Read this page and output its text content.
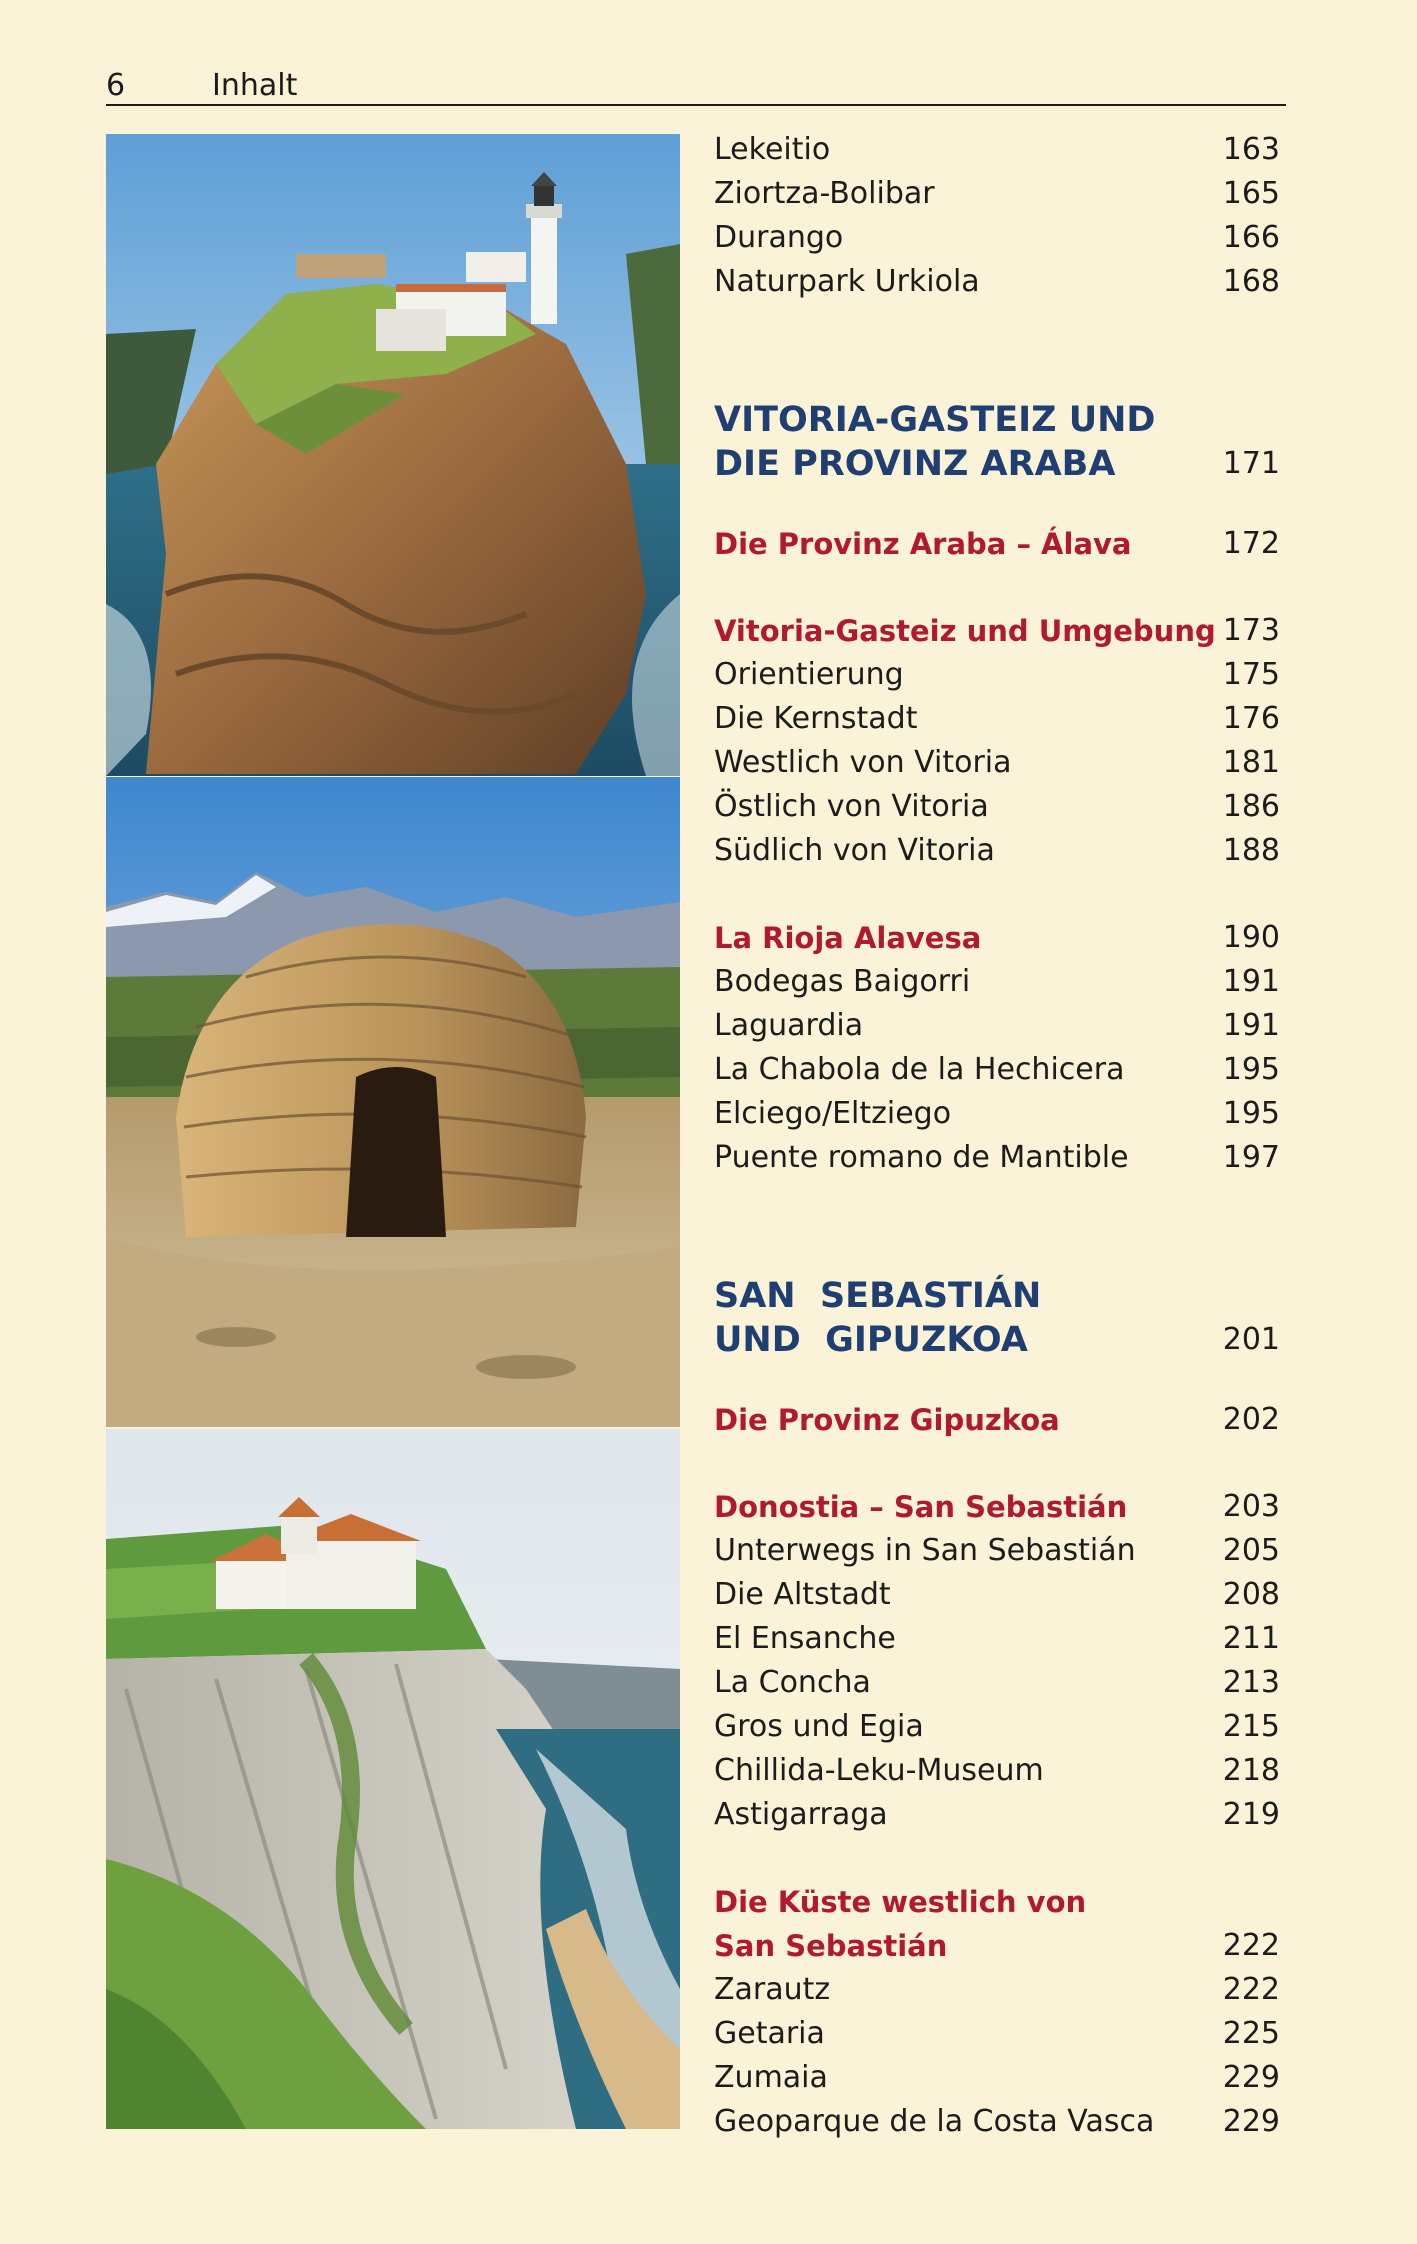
6	Inhalt
Lekeitio	163
Ziortza-Bolibar	165
Durango	166
Naturpark Urkiola	168
VITORIA-GASTEIZ UND
DIE PROVINZ ARABA	171
Die Provinz Araba – Álava	172
Vitoria-Gasteiz und Umgebung 173
Orientierung	175
Die Kernstadt	176
Westlich von Vitoria	181
Östlich von Vitoria	186
Südlich von Vitoria	188
La Rioja Alavesa	190
Bodegas Baigorri	191
Laguardia	191
La Chabola de la Hechicera	195
Elciego/Eltziego	195
Puente romano de Mantible	197
SAN  SEBASTIÁN
UND  GIPUZKOA	201
Die Provinz Gipuzkoa	202
Donostia – San Sebastián	203
Unterwegs in San Sebastián	205
Die Altstadt	208
El Ensanche	211
La Concha	213
Gros und Egia	215
Chillida-Leku-Museum	218
Astigarraga	219
Die Küste westlich von
San Sebastián	222
Zarautz	222
Getaria	225
Zumaia	229
Geoparque de la Costa Vasca 229
